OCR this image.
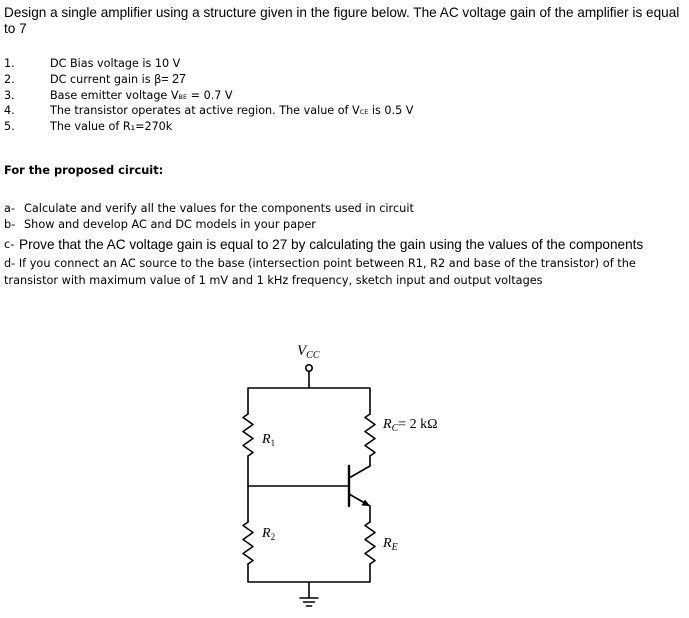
Design a single amplifier using a structure given in the figure below. The AC voltage gain of the amplifier is equal to 7
1.	DC Bias voltage is 10 V
2.	DC current gain is β= 27
3.	Base emitter voltage VBE = 0.7 V
4.	The transistor operates at active region. The value of VCE is 0.5 V
5.	The value of R₁=270k
For the proposed circuit:
a- Calculate and verify all the values for the components used in circuit
b- Show and develop AC and DC models in your paper
c- Prove that the AC voltage gain is equal to 27 by calculating the gain using the values of the components
d- If you connect an AC source to the base (intersection point between R1, R2 and base of the transistor) of the transistor with maximum value of 1 mV and 1 kHz frequency, sketch input and output voltages
$V_{CC}$
$R_1$
$R_2$
$R_C= 2$ kΩ
$R_E$
